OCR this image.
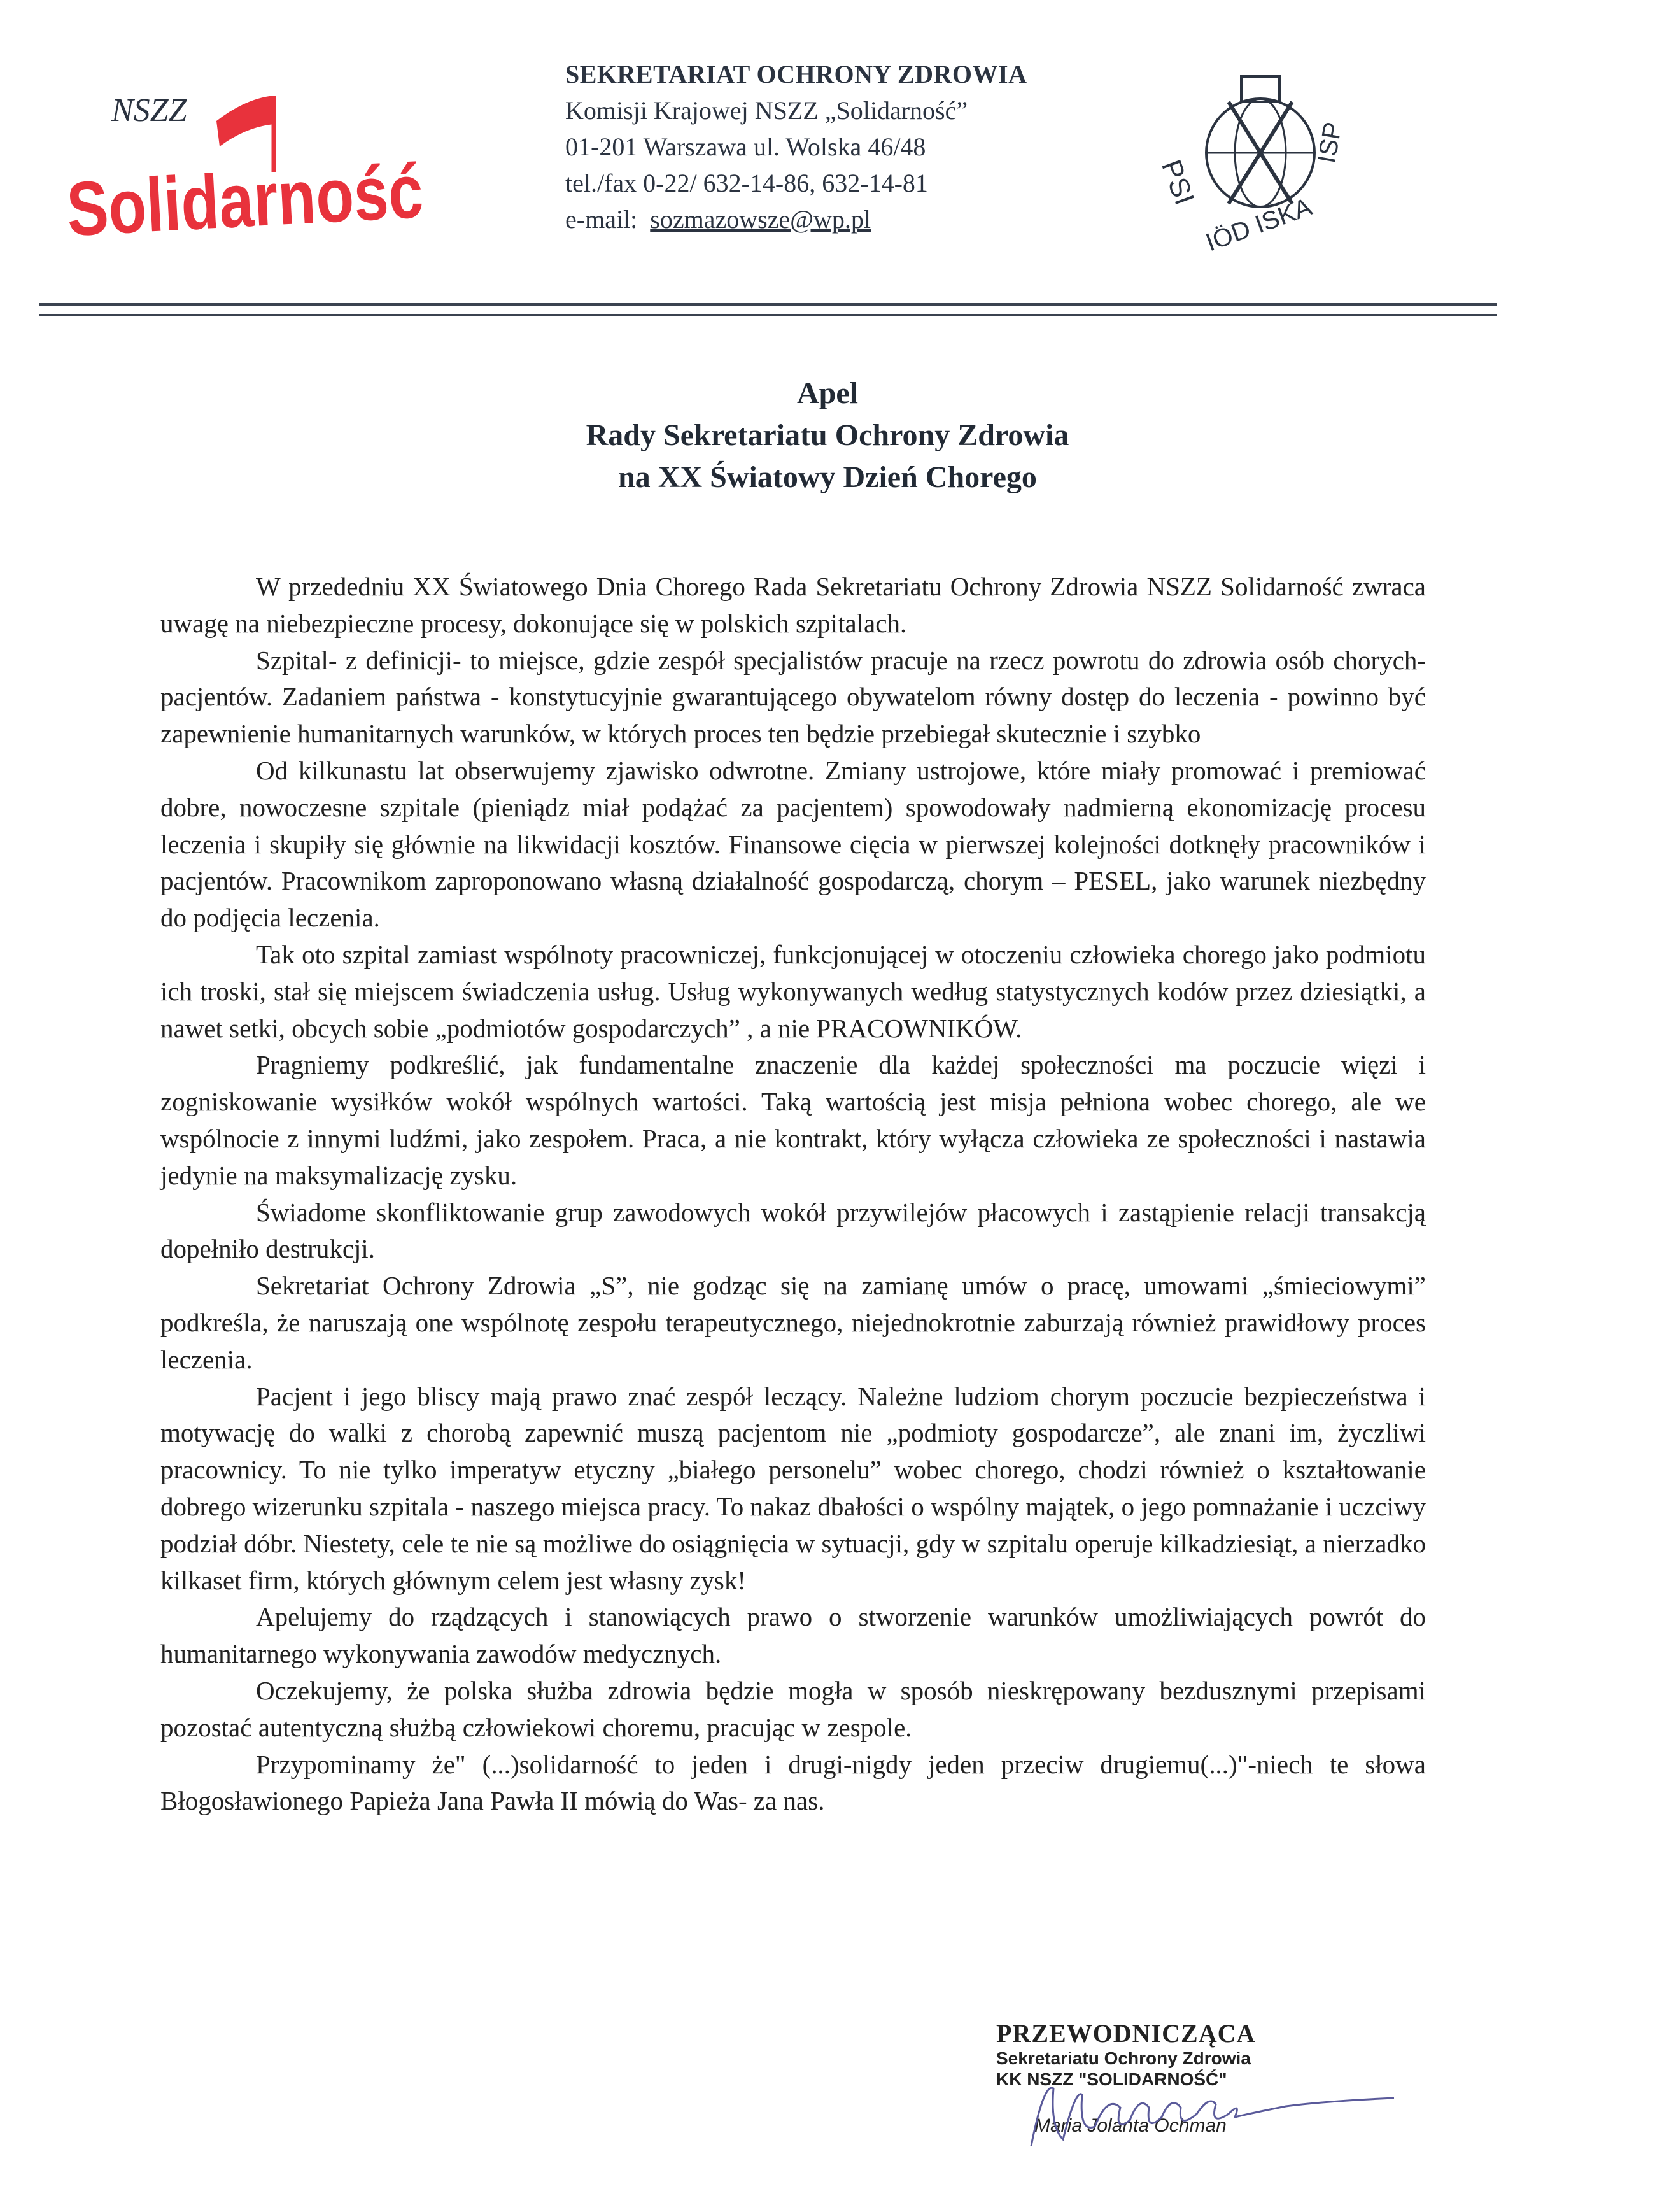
NSZZ
Solidarność
SEKRETARIAT OCHRONY ZDROWIA
Komisji Krajowej NSZZ „Solidarność”
01-201 Warszawa ul. Wolska 46/48
tel./fax 0-22/ 632-14-86, 632-14-81
e-mail: sozmazowsze@wp.pl
PSI
IÖD ISKA
ISP
Apel
Rady Sekretariatu Ochrony Zdrowia
na XX Światowy Dzień Chorego

W przededniu XX Światowego Dnia Chorego Rada Sekretariatu Ochrony Zdrowia NSZZ Solidarność zwraca uwagę na niebezpieczne procesy, dokonujące się w polskich szpitalach.

Szpital- z definicji- to miejsce, gdzie zespół specjalistów pracuje na rzecz powrotu do zdrowia osób chorych-pacjentów. Zadaniem państwa - konstytucyjnie gwarantującego obywatelom równy dostęp do leczenia - powinno być zapewnienie humanitarnych warunków, w których proces ten będzie przebiegał skutecznie i szybko

Od kilkunastu lat obserwujemy zjawisko odwrotne. Zmiany ustrojowe, które miały promować i premiować dobre, nowoczesne szpitale (pieniądz miał podążać za pacjentem) spowodowały nadmierną ekonomizację procesu leczenia i skupiły się głównie na likwidacji kosztów. Finansowe cięcia w pierwszej kolejności dotknęły pracowników i pacjentów. Pracownikom zaproponowano własną działalność gospodarczą, chorym – PESEL, jako warunek niezbędny do podjęcia leczenia.

Tak oto szpital zamiast wspólnoty pracowniczej, funkcjonującej w otoczeniu człowieka chorego jako podmiotu ich troski, stał się miejscem świadczenia usług. Usług wykonywanych według statystycznych kodów przez dziesiątki, a nawet setki, obcych sobie „podmiotów gospodarczych” , a nie PRACOWNIKÓW.

Pragniemy podkreślić, jak fundamentalne znaczenie dla każdej społeczności ma poczucie więzi i zogniskowanie wysiłków wokół wspólnych wartości. Taką wartością jest misja pełniona wobec chorego, ale we wspólnocie z innymi ludźmi, jako zespołem. Praca, a nie kontrakt, który wyłącza człowieka ze społeczności i nastawia jedynie na maksymalizację zysku.

Świadome skonfliktowanie grup zawodowych wokół przywilejów płacowych i zastąpienie relacji transakcją dopełniło destrukcji.

Sekretariat Ochrony Zdrowia „S”, nie godząc się na zamianę umów o pracę, umowami „śmieciowymi” podkreśla, że naruszają one wspólnotę zespołu terapeutycznego, niejednokrotnie zaburzają również prawidłowy proces leczenia.

Pacjent i jego bliscy mają prawo znać zespół leczący. Należne ludziom chorym poczucie bezpieczeństwa i motywację do walki z chorobą zapewnić muszą pacjentom nie „podmioty gospodarcze”, ale znani im, życzliwi pracownicy. To nie tylko imperatyw etyczny „białego personelu” wobec chorego, chodzi również o kształtowanie dobrego wizerunku szpitala - naszego miejsca pracy. To nakaz dbałości o wspólny majątek, o jego pomnażanie i uczciwy podział dóbr. Niestety, cele te nie są możliwe do osiągnięcia w sytuacji, gdy w szpitalu operuje kilkadziesiąt, a nierzadko kilkaset firm, których głównym celem jest własny zysk!

Apelujemy do rządzących i stanowiących prawo o stworzenie warunków umożliwiających powrót do humanitarnego wykonywania zawodów medycznych.

Oczekujemy, że polska służba zdrowia będzie mogła w sposób nieskrępowany bezdusznymi przepisami pozostać autentyczną służbą człowiekowi choremu, pracując w zespole.

Przypominamy że" (...)solidarność to jeden i drugi-nigdy jeden przeciw drugiemu(...)"-niech te słowa Błogosławionego Papieża Jana Pawła II mówią do Was- za nas.

PRZEWODNICZĄCA
Sekretariatu Ochrony Zdrowia
KK NSZZ "SOLIDARNOŚĆ"
Maria Jolanta Ochman
